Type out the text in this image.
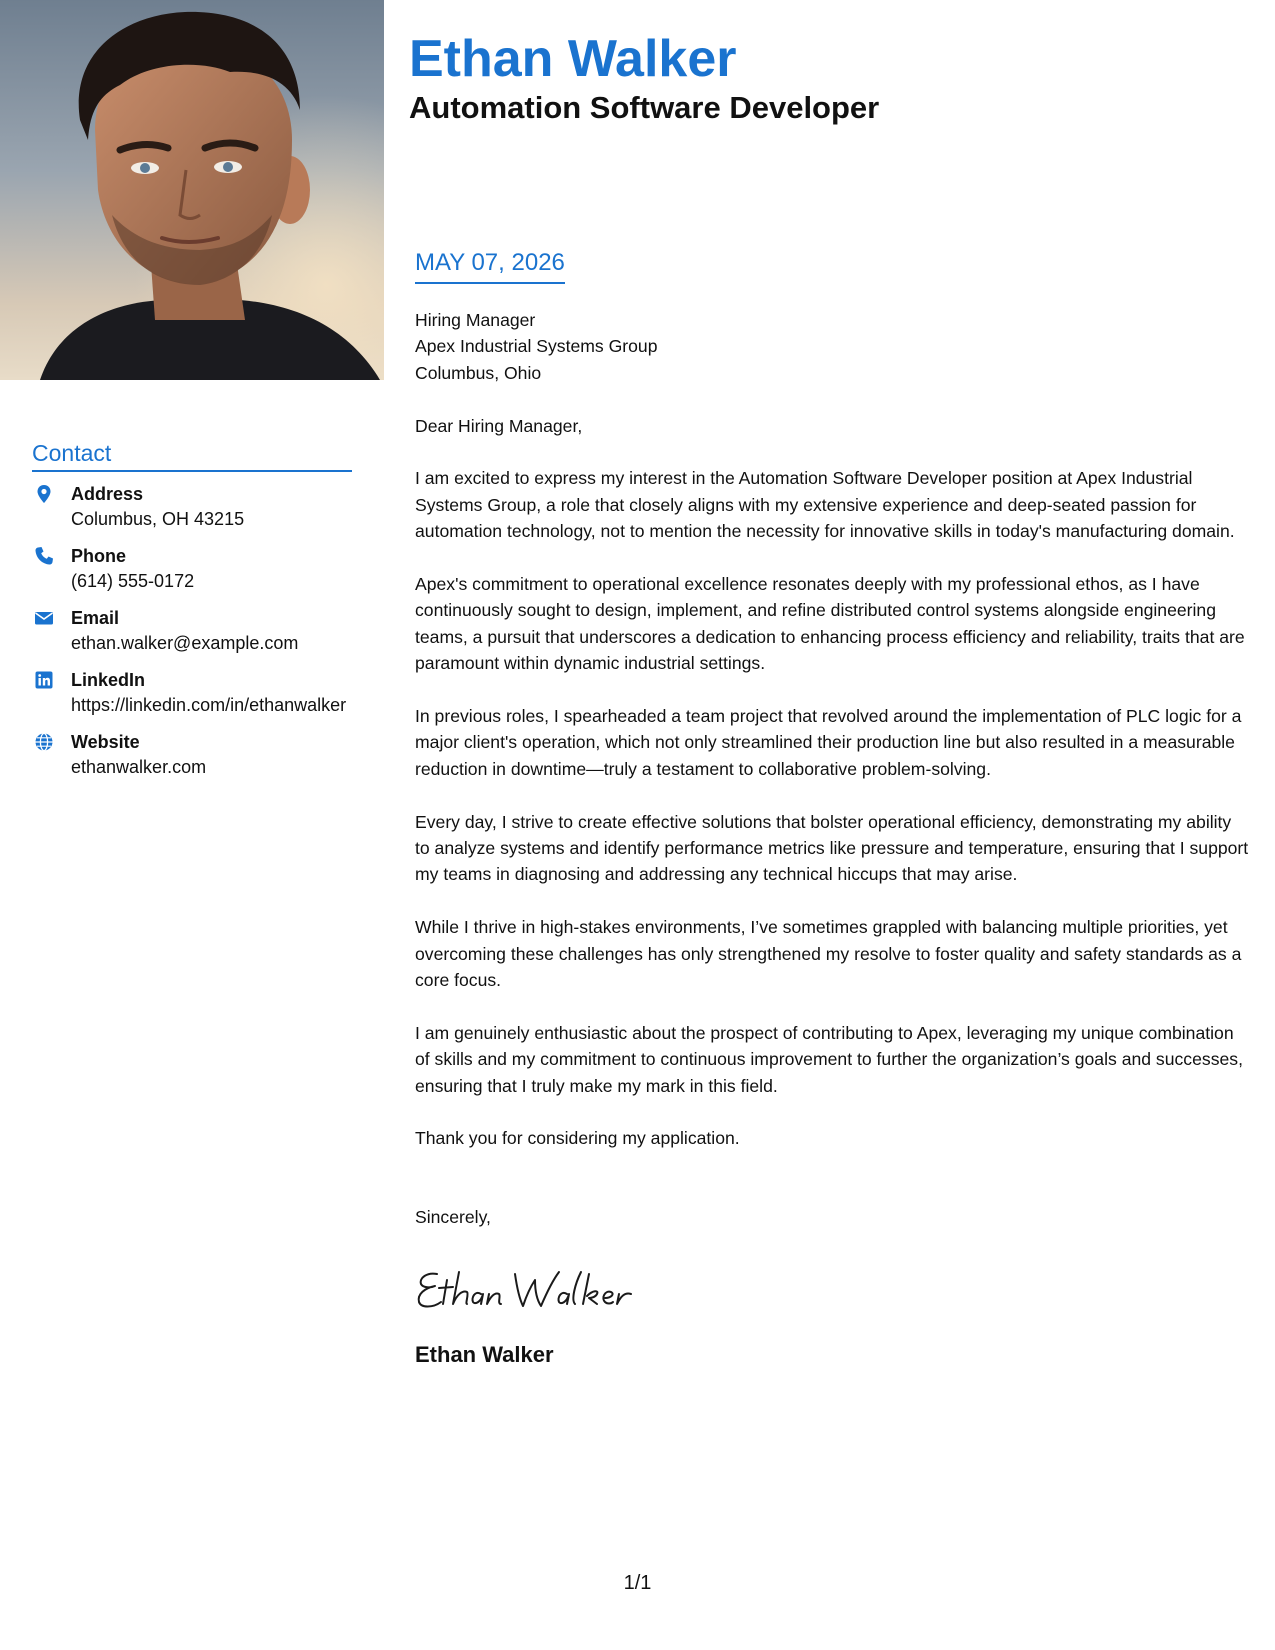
Ethan Walker
Automation Software Developer
Contact
Address
Columbus, OH 43215
Phone
(614) 555-0172
Email
ethan.walker@example.com
LinkedIn
https://linkedin.com/in/ethanwalker
Website
ethanwalker.com
MAY 07, 2026

Hiring Manager

Apex Industrial Systems Group

Columbus, Ohio

Dear Hiring Manager,

I am excited to express my interest in the Automation Software Developer position at Apex Industrial Systems Group, a role that closely aligns with my extensive experience and deep-seated passion for automation technology, not to mention the necessity for innovative skills in today's manufacturing domain.

Apex's commitment to operational excellence resonates deeply with my professional ethos, as I have continuously sought to design, implement, and refine distributed control systems alongside engineering teams, a pursuit that underscores a dedication to enhancing process efficiency and reliability, traits that are paramount within dynamic industrial settings.

In previous roles, I spearheaded a team project that revolved around the implementation of PLC logic for a major client's operation, which not only streamlined their production line but also resulted in a measurable reduction in downtime—truly a testament to collaborative problem-solving.

Every day, I strive to create effective solutions that bolster operational efficiency, demonstrating my ability to analyze systems and identify performance metrics like pressure and temperature, ensuring that I support my teams in diagnosing and addressing any technical hiccups that may arise.

While I thrive in high-stakes environments, I’ve sometimes grappled with balancing multiple priorities, yet overcoming these challenges has only strengthened my resolve to foster quality and safety standards as a core focus.

I am genuinely enthusiastic about the prospect of contributing to Apex, leveraging my unique combination of skills and my commitment to continuous improvement to further the organization’s goals and successes, ensuring that I truly make my mark in this field.

Thank you for considering my application.

Sincerely,
Ethan Walker
1/1
